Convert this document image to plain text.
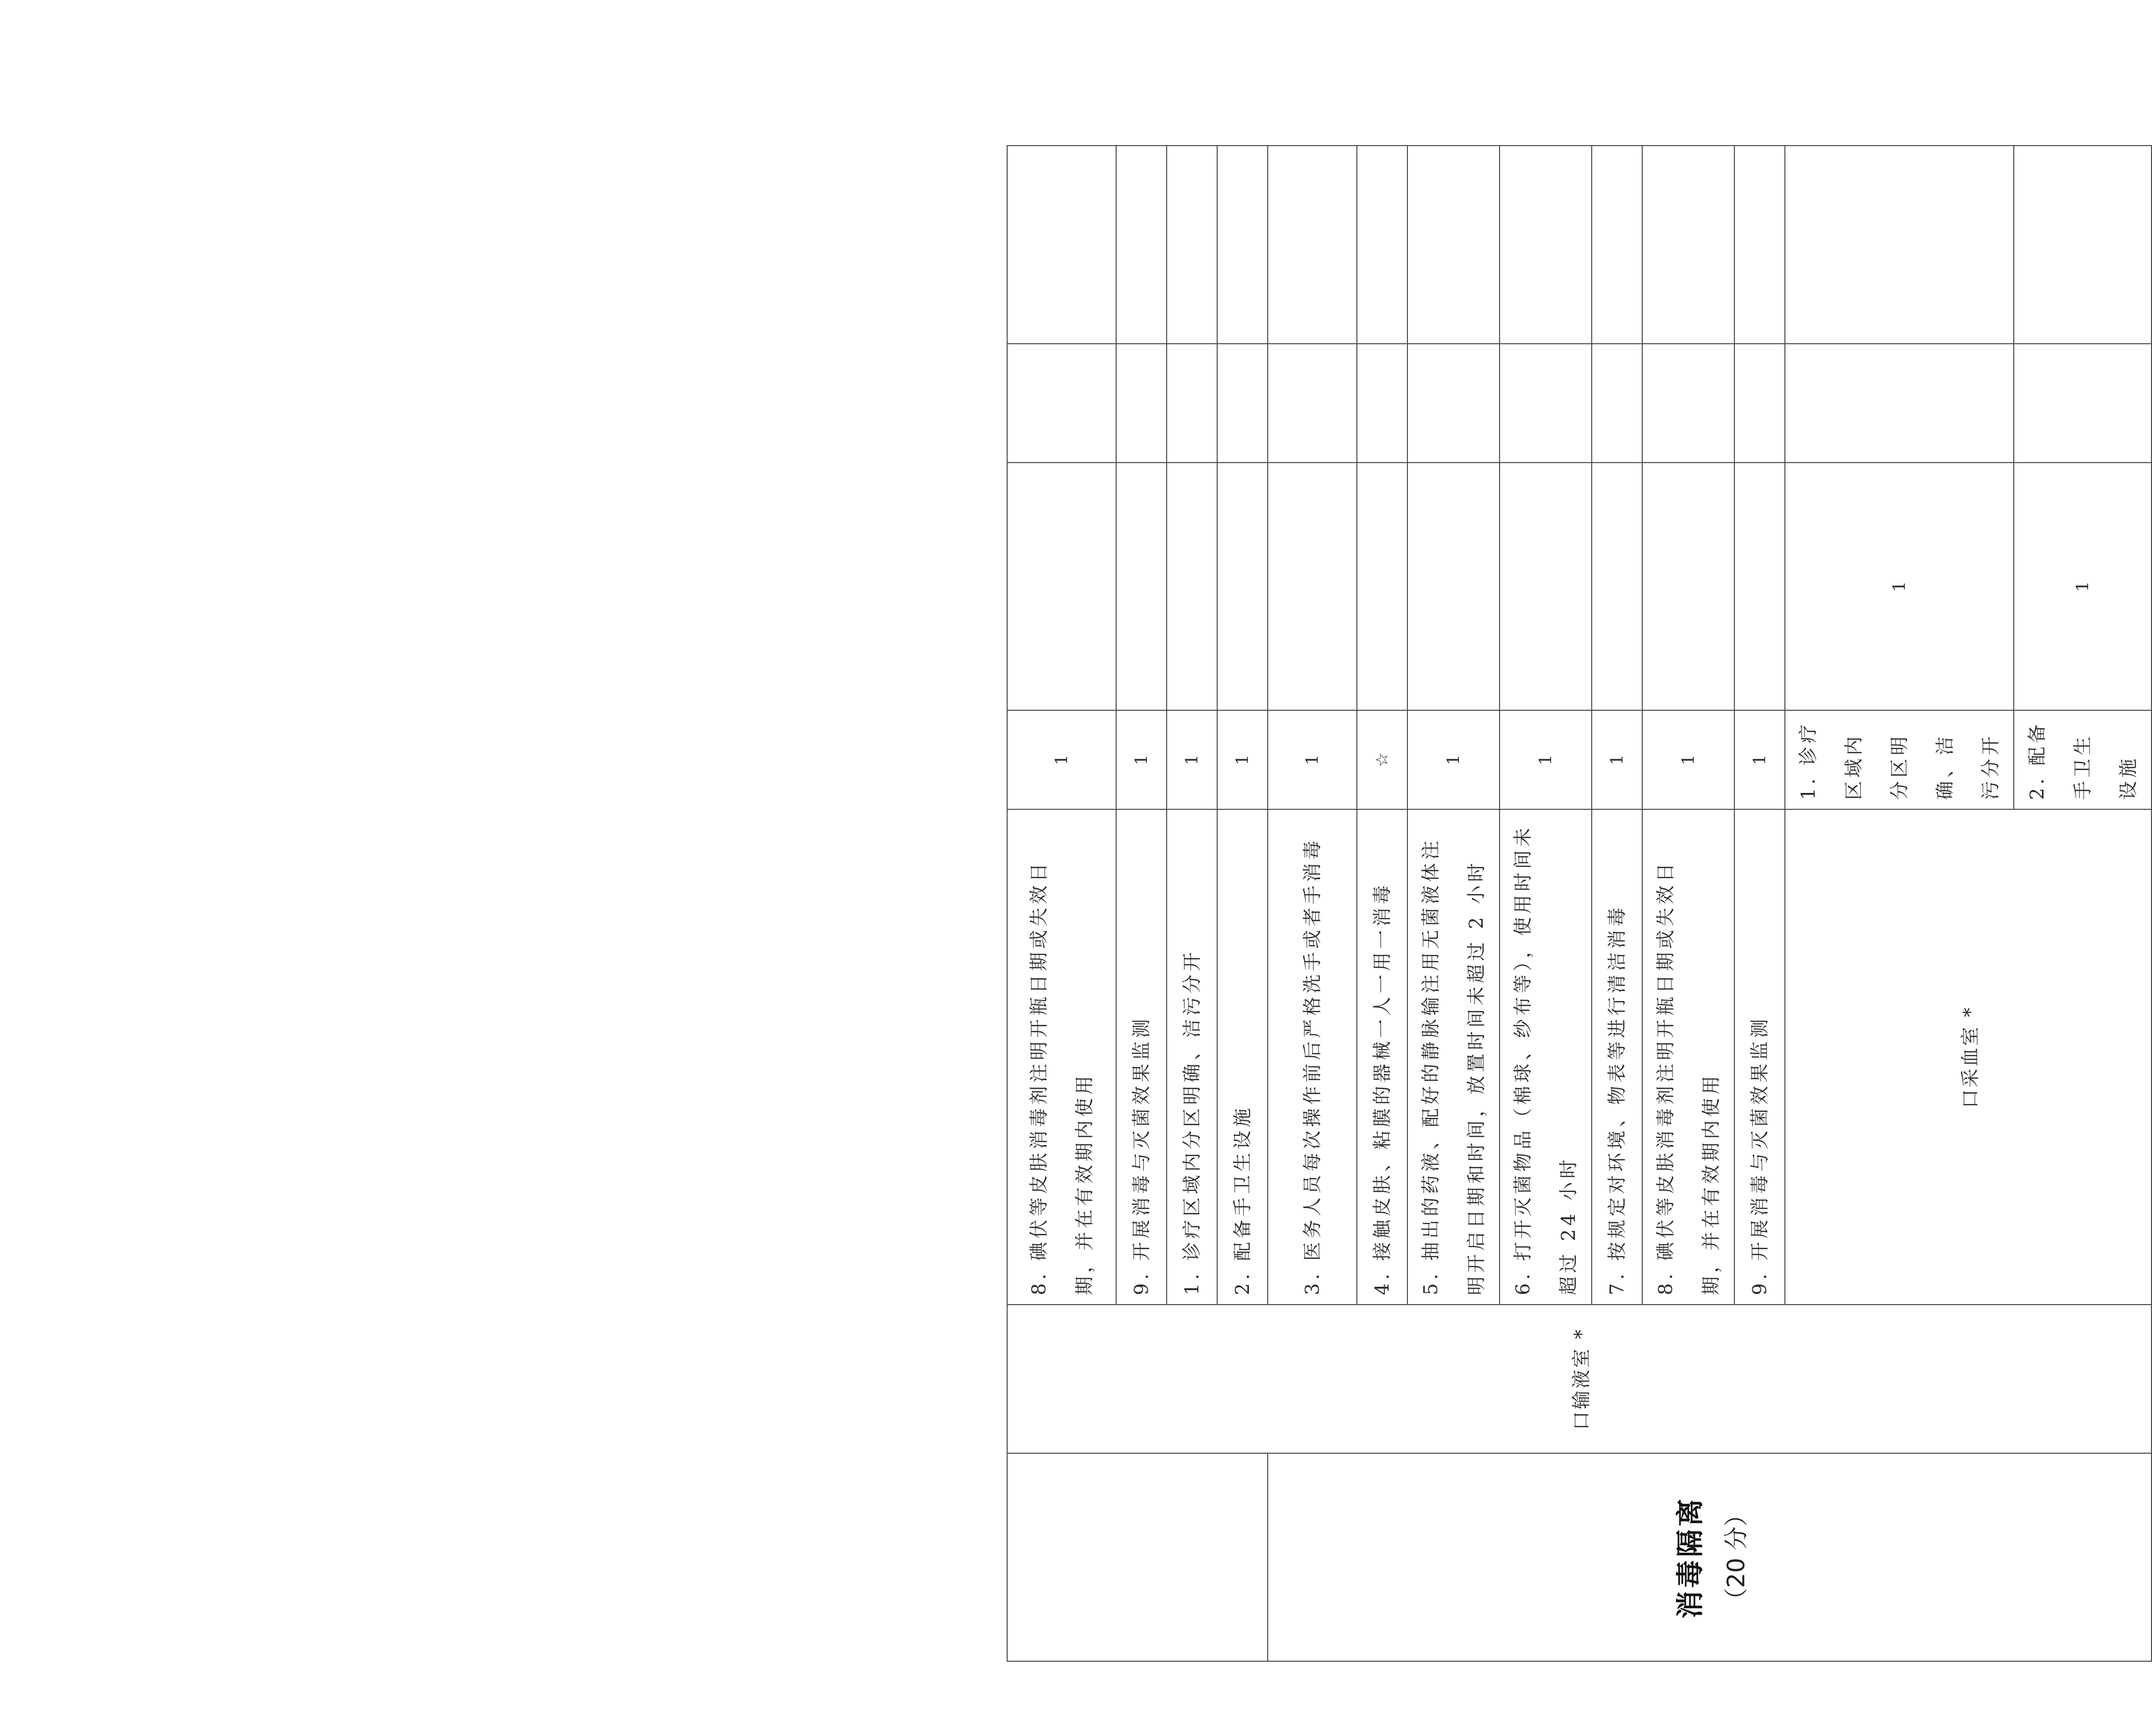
	口输液室 *	8. 碘伏等皮肤消毒剂注明开瓶日期或失效日期，并在有效期内使用	1				
		9. 开展消毒与灭菌效果监测	1				
		1. 诊疗区域内分区明确、洁污分开	1				
		2. 配备手卫生设施	1				

消毒隔离 （20 分）		3. 医务人员每次操作前后严格洗手或者手消毒	1				
		4. 接触皮肤、粘膜的器械一人一用一消毒	☆				
		5. 抽出的药液、配好的静脉输注用无菌液体注明开启日期和时间，放置时间未超过 2 小时	1				
		6. 打开灭菌物品（棉球、纱布等），使用时间未超过 24 小时	1				
		7. 按规定对环境、物表等进行清洁消毒	1				
		8. 碘伏等皮肤消毒剂注明开瓶日期或失效日期，并在有效期内使用	1				
		9. 开展消毒与灭菌效果监测	1				
		口采血室 *	1. 诊疗区域内分区明确、洁污分开	1			
			2. 配备手卫生设施	1			
